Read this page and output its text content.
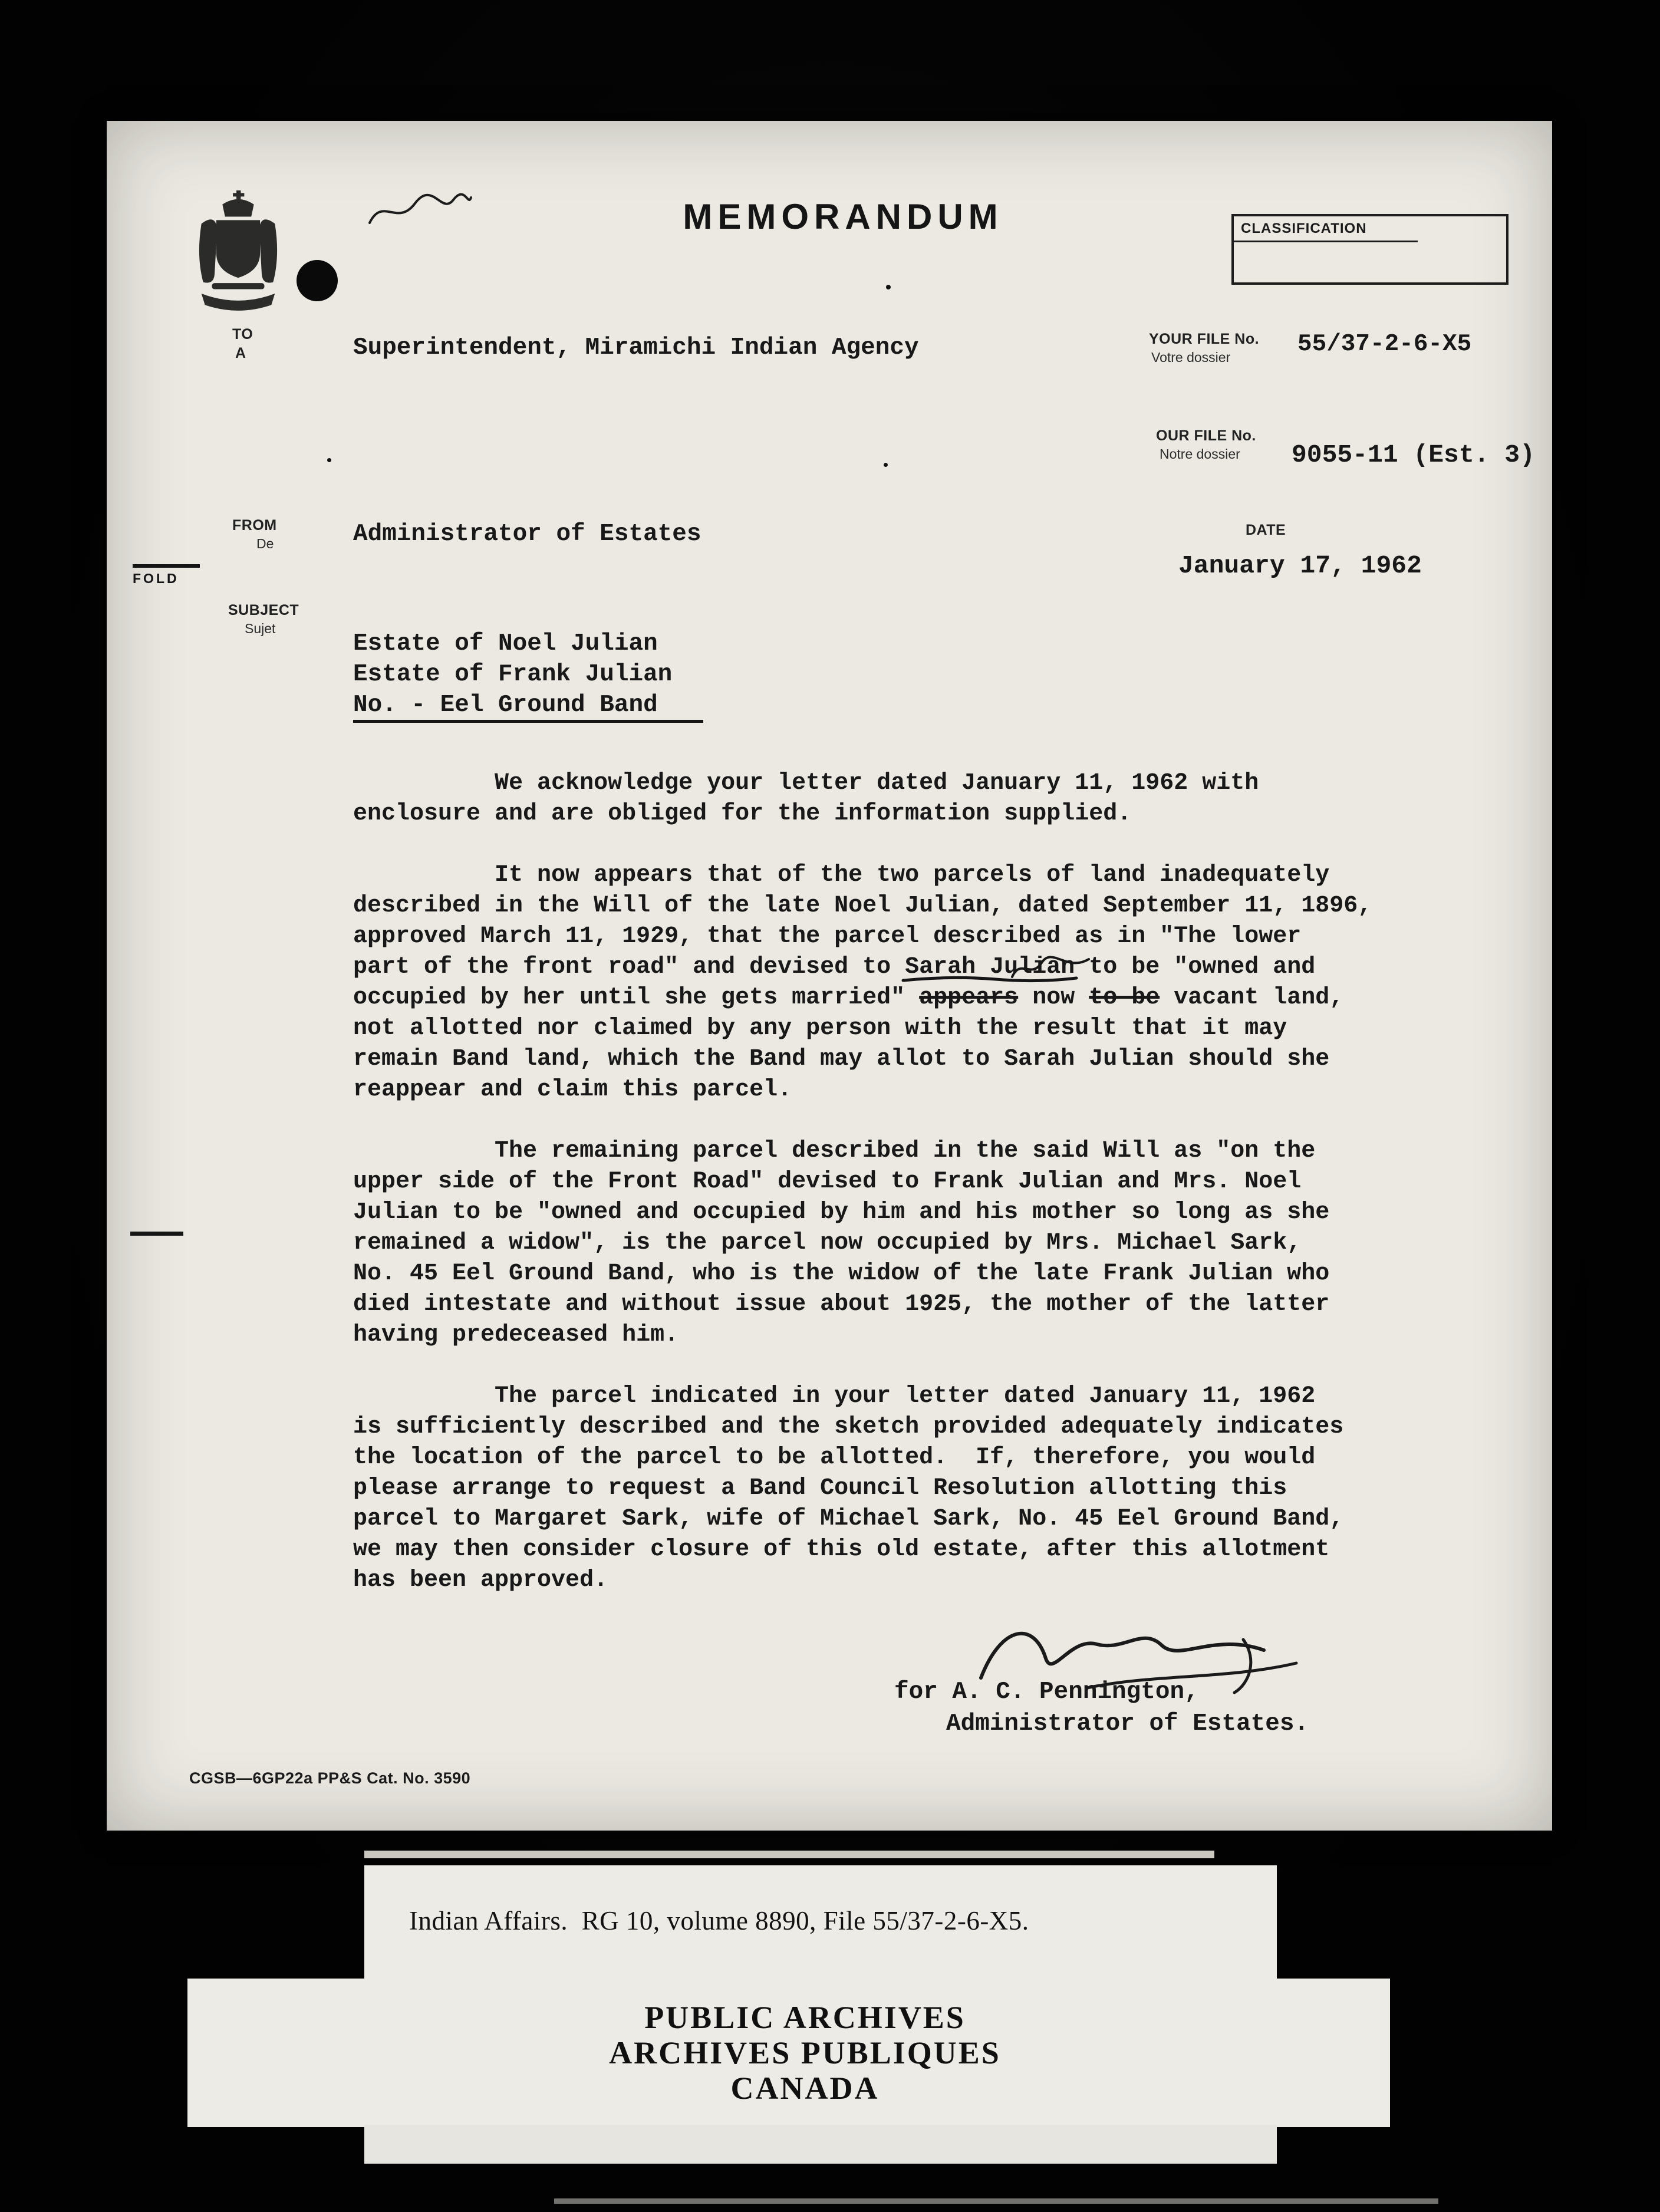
MEMORANDUM	CLASSIFICATION
TO
A	Superintendent, Miramichi Indian Agency	YOUR FILE No.
Votre dossier	55/37-2-6-X5
OUR FILE No.
Notre dossier 9055-11 (Est. 3)
FROM
De	Administrator of Estates	DATE
January 17, 1962
FOLD
SUBJECT
Sujet
Estate of Noel Julian
Estate of Frank Julian
No. - Eel Ground Band
We acknowledge your letter dated January 11, 1962 with
enclosure and are obliged for the information supplied.
It now appears that of the two parcels of land inadequately
described in the Will of the late Noel Julian, dated September 11, 1896,
approved March 11, 1929, that the parcel described as in "The lower
part of the front road" and devised to Sarah Julian to be "owned and
occupied by her until she gets married" appears now to be vacant land,
not allotted nor claimed by any person with the result that it may
remain Band land, which the Band may allot to Sarah Julian should she
reappear and claim this parcel.
The remaining parcel described in the said Will as "on the
upper side of the Front Road" devised to Frank Julian and Mrs. Noel
Julian to be "owned and occupied by him and his mother so long as she
remained a widow", is the parcel now occupied by Mrs. Michael Sark,
No. 45 Eel Ground Band, who is the widow of the late Frank Julian who
died intestate and without issue about 1925, the mother of the latter
having predeceased him.
The parcel indicated in your letter dated January 11, 1962
is sufficiently described and the sketch provided adequately indicates
the location of the parcel to be allotted.  If, therefore, you would
please arrange to request a Band Council Resolution allotting this
parcel to Margaret Sark, wife of Michael Sark, No. 45 Eel Ground Band,
we may then consider closure of this old estate, after this allotment
has been approved.
for A. C. Pennington,
Administrator of Estates.
CGSB—6GP22a PP&S Cat. No. 3590
Indian Affairs.  RG 10, volume 8890, File 55/37-2-6-X5.
PUBLIC ARCHIVES
ARCHIVES PUBLIQUES
CANADA
